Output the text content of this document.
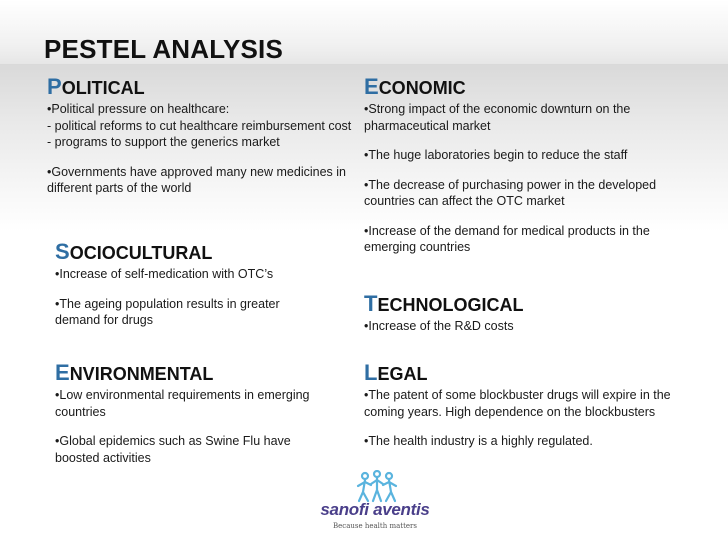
PESTEL ANALYSIS
POLITICAL
•Political pressure on healthcare:
- political reforms to cut healthcare reimbursement cost
- programs to support the generics market
•Governments have approved many new medicines in different parts of the world
ECONOMIC
•Strong impact of the economic downturn on the pharmaceutical market
•The huge laboratories begin to reduce the staff
•The decrease of purchasing power in the developed countries can affect the OTC market
•Increase of the demand for medical products in the emerging countries
SOCIOCULTURAL
•Increase of self-medication with OTC’s
•The ageing population results in greater demand for drugs
TECHNOLOGICAL
•Increase of the R&D costs
ENVIRONMENTAL
•Low environmental requirements in emerging countries
•Global epidemics such as Swine Flu have boosted activities
LEGAL
•The patent of some blockbuster drugs will expire in the coming years. High dependence on the blockbusters
•The health industry is a highly regulated.
sanofi aventis
Because health matters
